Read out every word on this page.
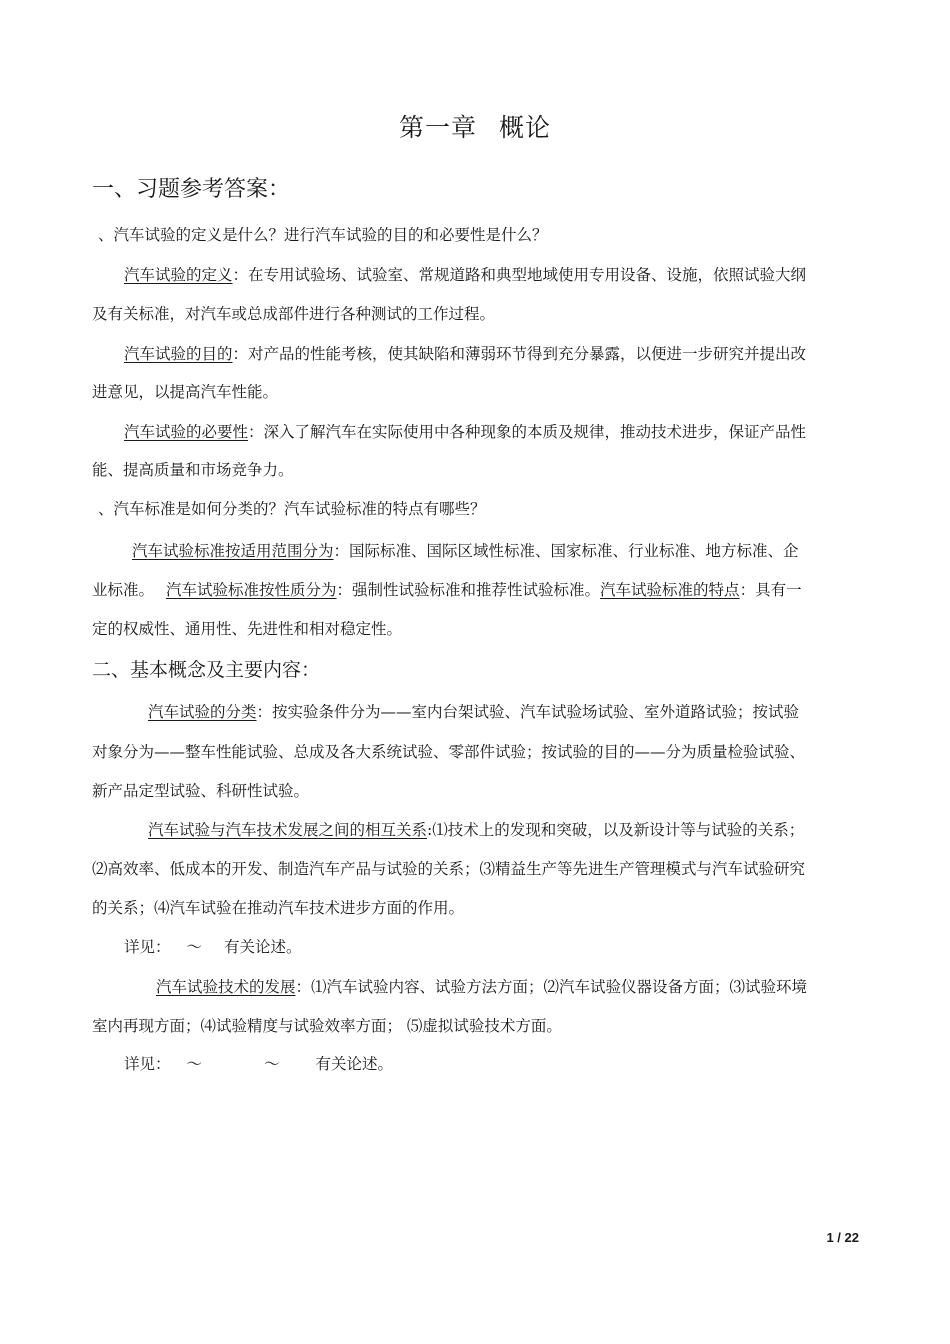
第一章 概论
一、习题参考答案：
、汽车试验的定义是什么？进行汽车试验的目的和必要性是什么？
汽车试验的定义：在专用试验场、试验室、常规道路和典型地域使用专用设备、设施，依照试验大纲
及有关标准，对汽车或总成部件进行各种测试的工作过程。
汽车试验的目的：对产品的性能考核，使其缺陷和薄弱环节得到充分暴露，以便进一步研究并提出改
进意见，以提高汽车性能。
汽车试验的必要性：深入了解汽车在实际使用中各种现象的本质及规律，推动技术进步，保证产品性
能、提高质量和市场竞争力。
、汽车标准是如何分类的？汽车试验标准的特点有哪些？
汽车试验标准按适用范围分为：国际标准、国际区域性标准、国家标准、行业标准、地方标准、企
业标准。 汽车试验标准按性质分为：强制性试验标准和推荐性试验标准。汽车试验标准的特点：具有一
定的权威性、通用性、先进性和相对稳定性。
二、基本概念及主要内容：
汽车试验的分类：按实验条件分为——室内台架试验、汽车试验场试验、室外道路试验；按试验
对象分为——整车性能试验、总成及各大系统试验、零部件试验；按试验的目的——分为质量检验试验、
新产品定型试验、科研性试验。
汽车试验与汽车技术发展之间的相互关系:⑴技术上的发现和突破，以及新设计等与试验的关系；
⑵高效率、低成本的开发、制造汽车产品与试验的关系；⑶精益生产等先进生产管理模式与汽车试验研究
的关系；⑷汽车试验在推动汽车技术进步方面的作用。
详见： ～ 有关论述。
汽车试验技术的发展：⑴汽车试验内容、试验方法方面；⑵汽车试验仪器设备方面；⑶试验环境
室内再现方面；⑷试验精度与试验效率方面； ⑸虚拟试验技术方面。
详见： ～	～ 有关论述。
1 / 22
